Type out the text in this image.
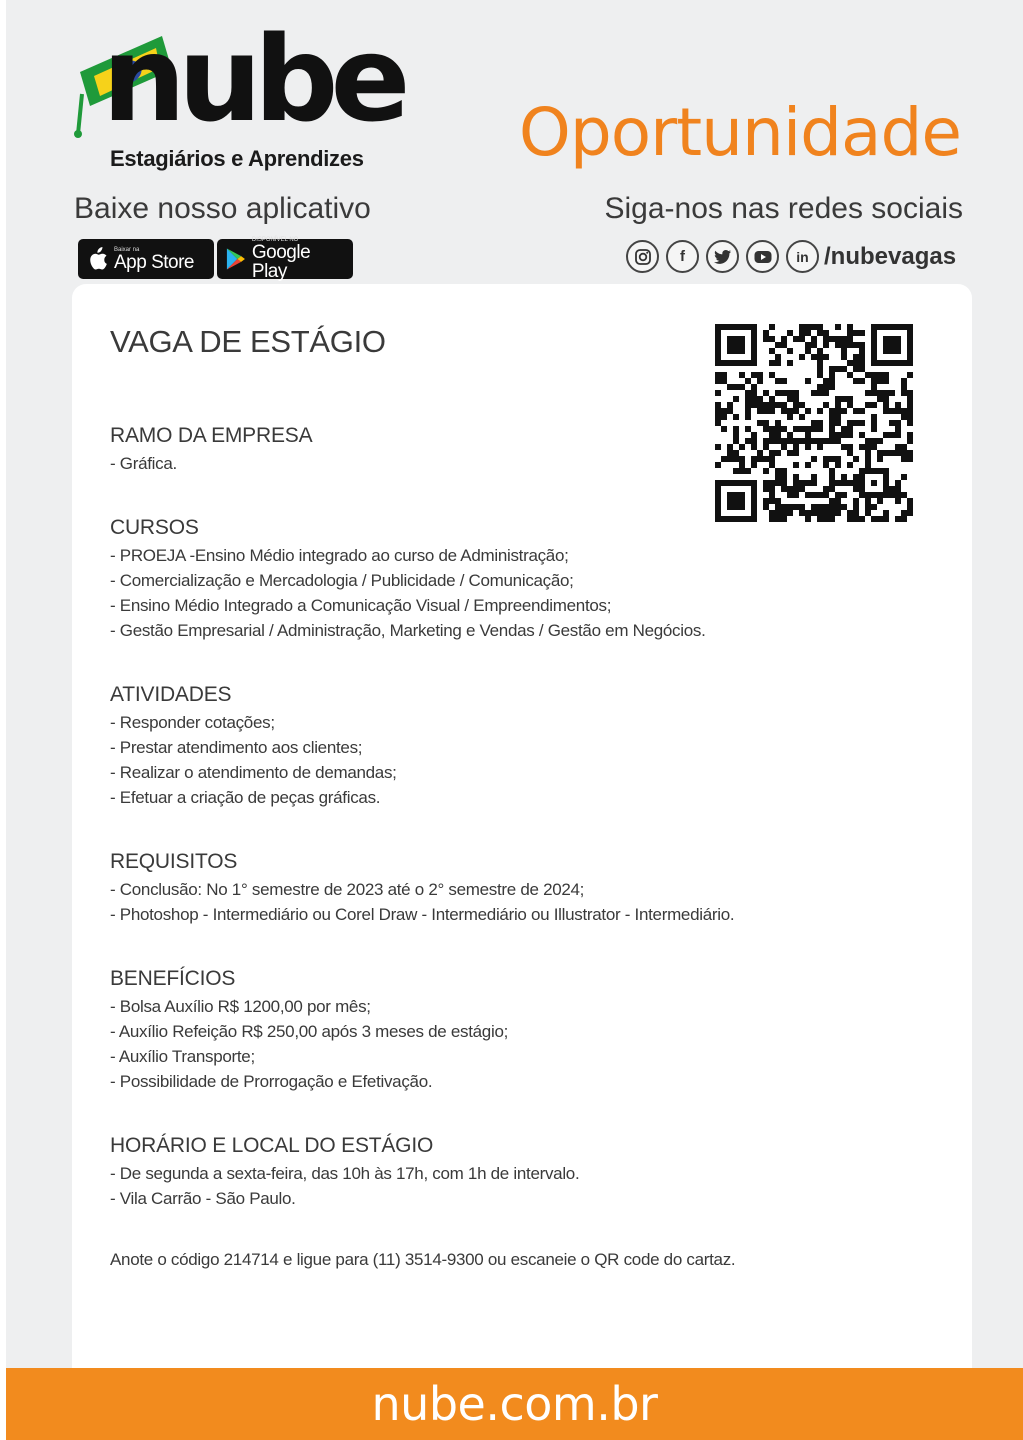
nube
Estagiários e Aprendizes Oportunidade
Baixe nosso aplicativo	Siga-nos nas redes sociais
Baixar na
App Store
DISPONÍVEL NO
Google Play
f	in /nubevagas
VAGA DE ESTÁGIO
RAMO DA EMPRESA
- Gráfica.
CURSOS
- PROEJA -Ensino Médio integrado ao curso de Administração;
- Comercialização e Mercadologia / Publicidade / Comunicação;
- Ensino Médio Integrado a Comunicação Visual / Empreendimentos;
- Gestão Empresarial / Administração, Marketing e Vendas / Gestão em Negócios.
ATIVIDADES
- Responder cotações;
- Prestar atendimento aos clientes;
- Realizar o atendimento de demandas;
- Efetuar a criação de peças gráficas.
REQUISITOS
- Conclusão: No 1° semestre de 2023 até o 2° semestre de 2024;
- Photoshop - Intermediário ou Corel Draw - Intermediário ou Illustrator - Intermediário.
BENEFÍCIOS
- Bolsa Auxílio R$ 1200,00 por mês;
- Auxílio Refeição R$ 250,00 após 3 meses de estágio;
- Auxílio Transporte;
- Possibilidade de Prorrogação e Efetivação.
HORÁRIO E LOCAL DO ESTÁGIO
- De segunda a sexta-feira, das 10h às 17h, com 1h de intervalo.
- Vila Carrão - São Paulo.
Anote o código 214714 e ligue para (11) 3514-9300 ou escaneie o QR code do cartaz.
nube.com.br
